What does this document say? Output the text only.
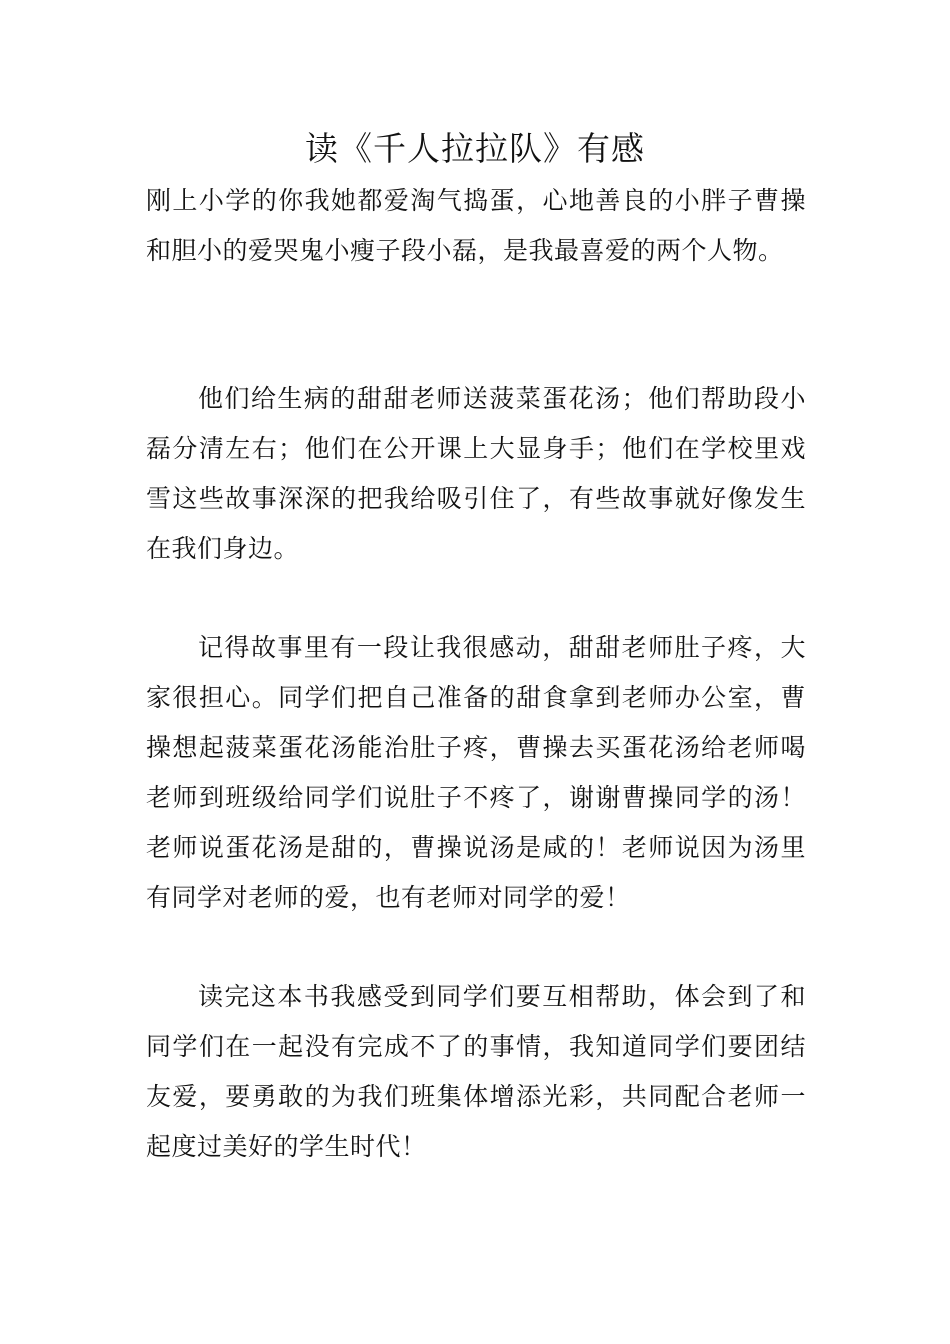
读《千人拉拉队》有感

刚上小学的你我她都爱淘气捣蛋，心地善良的小胖子曹操和胆小的爱哭鬼小瘦子段小磊，是我最喜爱的两个人物。

他们给生病的甜甜老师送菠菜蛋花汤；他们帮助段小磊分清左右；他们在公开课上大显身手；他们在学校里戏雪这些故事深深的把我给吸引住了，有些故事就好像发生在我们身边。

记得故事里有一段让我很感动，甜甜老师肚子疼，大家很担心。同学们把自己准备的甜食拿到老师办公室，曹操想起菠菜蛋花汤能治肚子疼，曹操去买蛋花汤给老师喝老师到班级给同学们说肚子不疼了，谢谢曹操同学的汤！老师说蛋花汤是甜的，曹操说汤是咸的！老师说因为汤里有同学对老师的爱，也有老师对同学的爱！

读完这本书我感受到同学们要互相帮助，体会到了和同学们在一起没有完成不了的事情，我知道同学们要团结友爱，要勇敢的为我们班集体增添光彩，共同配合老师一起度过美好的学生时代！
